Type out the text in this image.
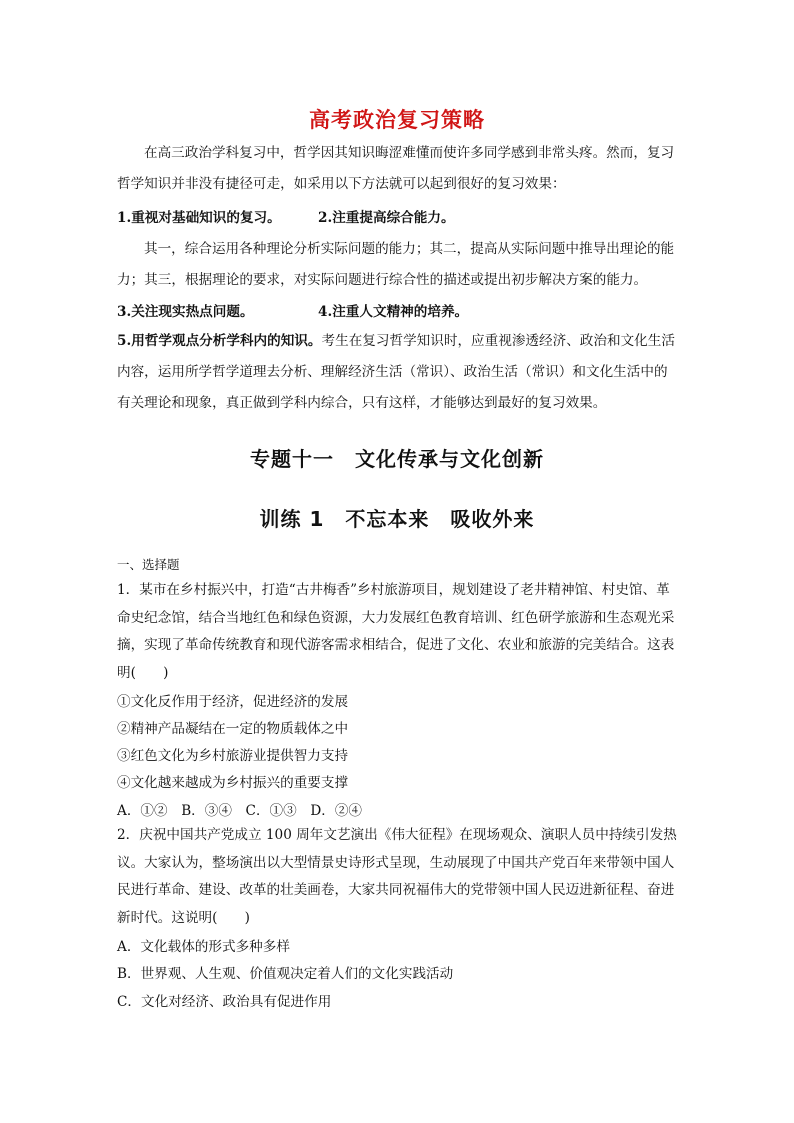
高考政治复习策略
在高三政治学科复习中，哲学因其知识晦涩难懂而使许多同学感到非常头疼。然而，复习哲学知识并非没有捷径可走，如采用以下方法就可以起到很好的复习效果：
1.重视对基础知识的复习。	2.注重提高综合能力。
其一，综合运用各种理论分析实际问题的能力；其二，提高从实际问题中推导出理论的能力；其三，根据理论的要求，对实际问题进行综合性的描述或提出初步解决方案的能力。
3.关注现实热点问题。	4.注重人文精神的培养。
5.用哲学观点分析学科内的知识。考生在复习哲学知识时，应重视渗透经济、政治和文化生活内容，运用所学哲学道理去分析、理解经济生活（常识）、政治生活（常识）和文化生活中的有关理论和现象，真正做到学科内综合，只有这样，才能够达到最好的复习效果。
专题十一　文化传承与文化创新
训练 1　不忘本来　吸收外来
一、选择题
1．某市在乡村振兴中，打造“古井梅香”乡村旅游项目，规划建设了老井精神馆、村史馆、革命史纪念馆，结合当地红色和绿色资源，大力发展红色教育培训、红色研学旅游和生态观光采摘，实现了革命传统教育和现代游客需求相结合，促进了文化、农业和旅游的完美结合。这表明(　　)
①文化反作用于经济，促进经济的发展
②精神产品凝结在一定的物质载体之中
③红色文化为乡村旅游业提供智力支持
④文化越来越成为乡村振兴的重要支撑
A．①②　B．③④　C．①③　D．②④
2．庆祝中国共产党成立 100 周年文艺演出《伟大征程》在现场观众、演职人员中持续引发热议。大家认为，整场演出以大型情景史诗形式呈现，生动展现了中国共产党百年来带领中国人民进行革命、建设、改革的壮美画卷，大家共同祝福伟大的党带领中国人民迈进新征程、奋进新时代。这说明(　　)
A．文化载体的形式多种多样
B．世界观、人生观、价值观决定着人们的文化实践活动
C．文化对经济、政治具有促进作用
